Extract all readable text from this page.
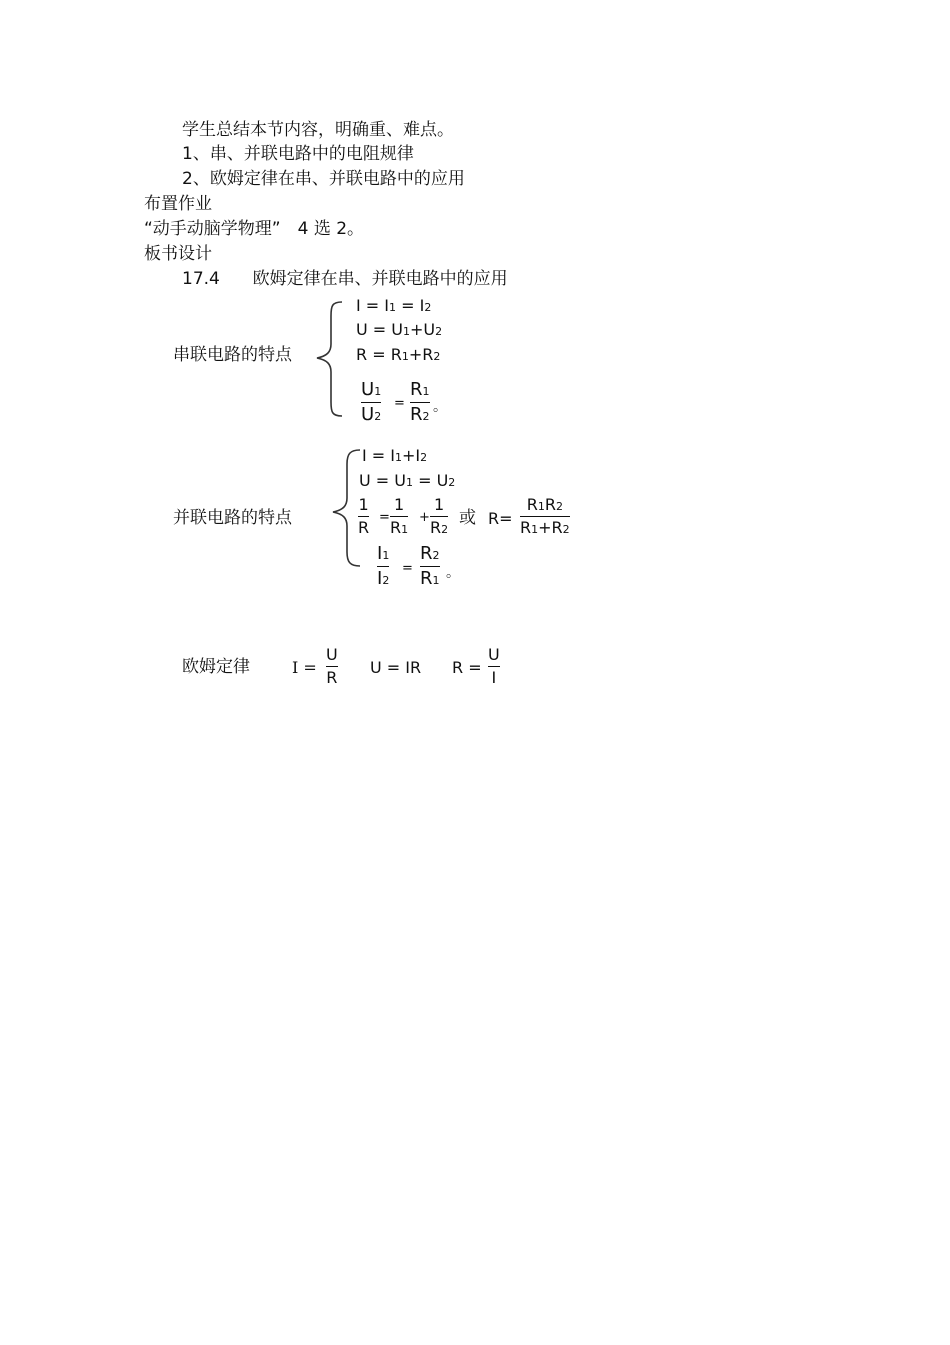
学生总结本节内容，明确重、难点。
1、串、并联电路中的电阻规律
2、欧姆定律在串、并联电路中的应用
布置作业
“动手动脑学物理”　4 选 2。
板书设计
17.4 欧姆定律在串、并联电路中的应用
串联电路的特点
I = I1 = I2
U = U1+U2
R = R1+R2
U1
U2
=
R1
R2
。
并联电路的特点
I = I1+I2
U = U1 = U2
1
R
=
1
R1
+
1
R2
或 R=
R1R2
R1+R2
I1
I2
=
R2
R1 。
欧姆定律	I =
U
R
U = IR R =
U
I
